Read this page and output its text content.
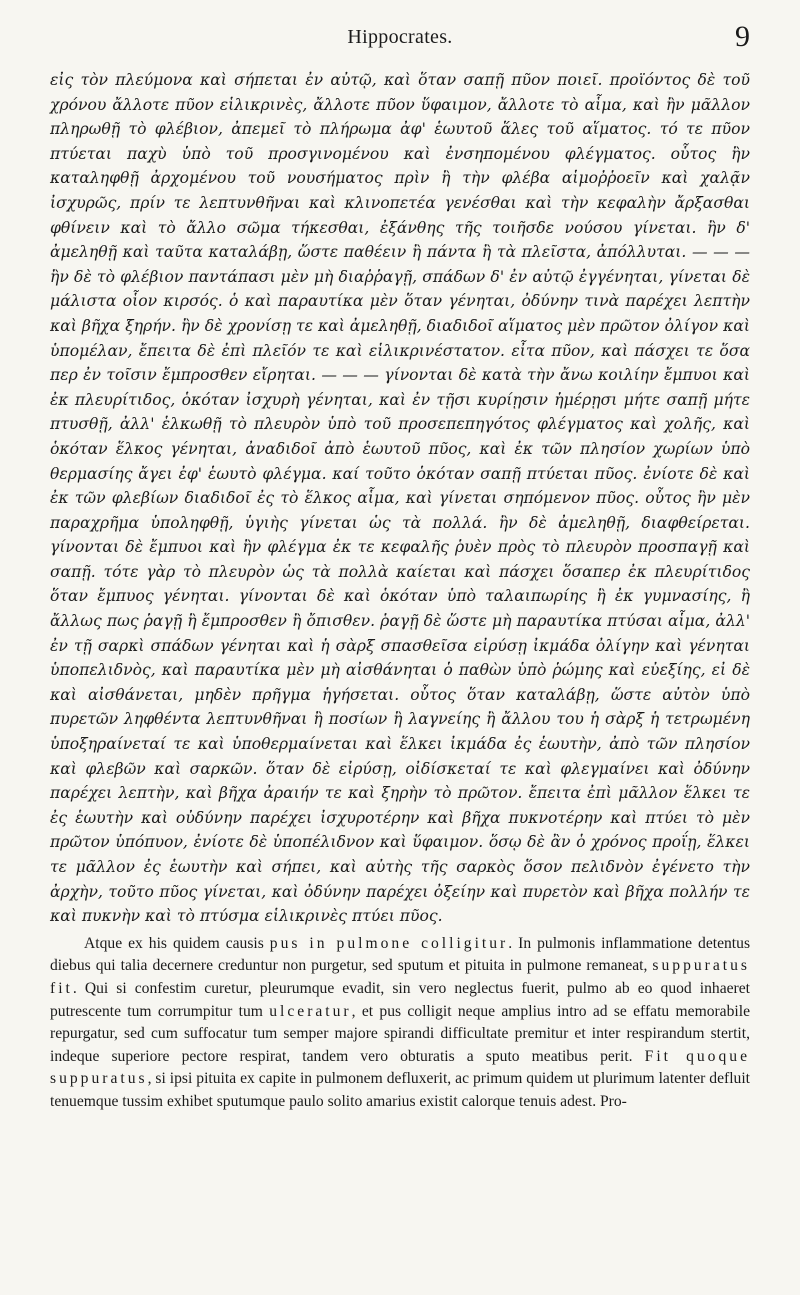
Hippocrates.	9

εἰς τὸν πλεύμονα καὶ σήπεται ἐν αὐτῷ, καὶ ὅταν σαπῇ πῦον ποιεῖ. προϊόντος δὲ τοῦ χρόνου ἄλλοτε πῦον εἱλικρινὲς, ἄλλοτε πῦον ὕφαιμον, ἄλλοτε τὸ αἷμα, καὶ ἢν μᾶλλον πληρωθῇ τὸ φλέβιον, ἀπεμεῖ τὸ πλήρωμα ἀφ' ἑωυτοῦ ἅλες τοῦ αἵματος. τό τε πῦον πτύεται παχὺ ὑπὸ τοῦ προσγινομένου καὶ ἐνσηπομένου φλέγματος. οὗτος ἢν καταληφθῇ ἀρχομένου τοῦ νουσήματος πρὶν ἢ τὴν φλέβα αἱμοῤῥοεῖν καὶ χαλᾷν ἰσχυρῶς, πρίν τε λεπτυνθῆναι καὶ κλινοπετέα γενέσθαι καὶ τὴν κεφαλὴν ἄρξασθαι φθίνειν καὶ τὸ ἄλλο σῶμα τήκεσθαι, ἐξάνθης τῆς τοιῆσδε νούσου γίνεται. ἢν δ' ἀμεληθῇ καὶ ταῦτα καταλάβῃ, ὥστε παθέειν ἢ πάντα ἢ τὰ πλεῖστα, ἀπόλλυται. — — — ἢν δὲ τὸ φλέβιον παντάπασι μὲν μὴ διαῤῥαγῇ, σπάδων δ' ἐν αὐτῷ ἐγγένηται, γίνεται δὲ μάλιστα οἷον κιρσός. ὁ καὶ παραυτίκα μὲν ὅταν γένηται, ὀδύνην τινὰ παρέχει λεπτὴν καὶ βῆχα ξηρήν. ἢν δὲ χρονίσῃ τε καὶ ἀμεληθῇ, διαδιδοῖ αἵματος μὲν πρῶτον ὀλίγον καὶ ὑπομέλαν, ἔπειτα δὲ ἐπὶ πλεῖόν τε καὶ εἱλικρινέστατον. εἶτα πῦον, καὶ πάσχει τε ὅσα περ ἐν τοῖσιν ἔμπροσθεν εἴρηται. — — — γίνονται δὲ κατὰ τὴν ἄνω κοιλίην ἔμπυοι καὶ ἐκ πλευρίτιδος, ὁκόταν ἰσχυρὴ γένηται, καὶ ἐν τῇσι κυρίῃσιν ἡμέρῃσι μήτε σαπῇ μήτε πτυσθῇ, ἀλλ' ἑλκωθῇ τὸ πλευρὸν ὑπὸ τοῦ προσεπεπηγότος φλέγματος καὶ χολῆς, καὶ ὁκόταν ἕλκος γένηται, ἀναδιδοῖ ἀπὸ ἑωυτοῦ πῦος, καὶ ἐκ τῶν πλησίον χωρίων ὑπὸ θερμασίης ἄγει ἐφ' ἑωυτὸ φλέγμα. καί τοῦτο ὁκόταν σαπῇ πτύεται πῦος. ἐνίοτε δὲ καὶ ἐκ τῶν φλεβίων διαδιδοῖ ἐς τὸ ἕλκος αἷμα, καὶ γίνεται σηπόμενον πῦος. οὗτος ἢν μὲν παραχρῆμα ὑποληφθῇ, ὑγιὴς γίνεται ὡς τὰ πολλά. ἢν δὲ ἀμεληθῇ, διαφθείρεται. γίνονται δὲ ἔμπυοι καὶ ἢν φλέγμα ἐκ τε κεφαλῆς ῥυὲν πρὸς τὸ πλευρὸν προσπαγῇ καὶ σαπῇ. τότε γὰρ τὸ πλευρὸν ὡς τὰ πολλὰ καίεται καὶ πάσχει ὅσαπερ ἐκ πλευρίτιδος ὅταν ἔμπυος γένηται. γίνονται δὲ καὶ ὁκόταν ὑπὸ ταλαιπωρίης ἢ ἐκ γυμνασίης, ἢ ἄλλως πως ῥαγῇ ἢ ἔμπροσθεν ἢ ὄπισθεν. ῥαγῇ δὲ ὥστε μὴ παραυτίκα πτύσαι αἷμα, ἀλλ' ἐν τῇ σαρκὶ σπάδων γένηται καὶ ἡ σὰρξ σπασθεῖσα εἰρύσῃ ἰκμάδα ὀλίγην καὶ γένηται ὑποπελιδνὸς, καὶ παραυτίκα μὲν μὴ αἰσθάνηται ὁ παθὼν ὑπὸ ῥώμης καὶ εὐεξίης, εἰ δὲ καὶ αἰσθάνεται, μηδὲν πρῆγμα ἡγήσεται. οὗτος ὅταν καταλάβῃ, ὥστε αὐτὸν ὑπὸ πυρετῶν ληφθέντα λεπτυνθῆναι ἢ ποσίων ἢ λαγνείης ἢ ἄλλου του ἡ σὰρξ ἡ τετρωμένη ὑποξηραίνεταί τε καὶ ὑποθερμαίνεται καὶ ἕλκει ἰκμάδα ἐς ἑωυτὴν, ἀπὸ τῶν πλησίον καὶ φλεβῶν καὶ σαρκῶν. ὅταν δὲ εἰρύσῃ, οἰδίσκεταί τε καὶ φλεγμαίνει καὶ ὀδύνην παρέχει λεπτὴν, καὶ βῆχα ἀραιήν τε καὶ ξηρὴν τὸ πρῶτον. ἔπειτα ἐπὶ μᾶλλον ἕλκει τε ἐς ἑωυτὴν καὶ οὐδύνην παρέχει ἰσχυροτέρην καὶ βῆχα πυκνοτέρην καὶ πτύει τὸ μὲν πρῶτον ὑπόπυον, ἐνίοτε δὲ ὑποπέλιδνον καὶ ὕφαιμον. ὅσῳ δὲ ἂν ὁ χρόνος προΐῃ, ἕλκει τε μᾶλλον ἐς ἑωυτὴν καὶ σήπει, καὶ αὐτὴς τῆς σαρκὸς ὅσον πελιδνὸν ἐγένετο τὴν ἀρχὴν, τοῦτο πῦος γίνεται, καὶ ὀδύνην παρέχει ὀξείην καὶ πυρετὸν καὶ βῆχα πολλήν τε καὶ πυκνὴν καὶ τὸ πτύσμα εἱλικρινὲς πτύει πῦος.

Atque ex his quidem causis pus in pulmone colligitur. In pulmonis inflammatione detentus diebus qui talia decernere creduntur non purgetur, sed sputum et pituita in pulmone remaneat, suppuratus fit. Qui si confestim curetur, pleurumque evadit, sin vero neglectus fuerit, pulmo ab eo quod inhaeret putrescente tum corrumpitur tum ulceratur, et pus colligit neque amplius intro ad se effatu memorabile repurgatur, sed cum suffocatur tum semper majore spirandi difficultate premitur et inter respirandum stertit, indeque superiore pectore respirat, tandem vero obturatis a sputo meatibus perit. Fit quoque suppuratus, si ipsi pituita ex capite in pulmonem defluxerit, ac primum quidem ut plurimum latenter defluit tenuemque tussim exhibet sputumque paulo solito amarius existit calorque tenuis adest. Pro-
